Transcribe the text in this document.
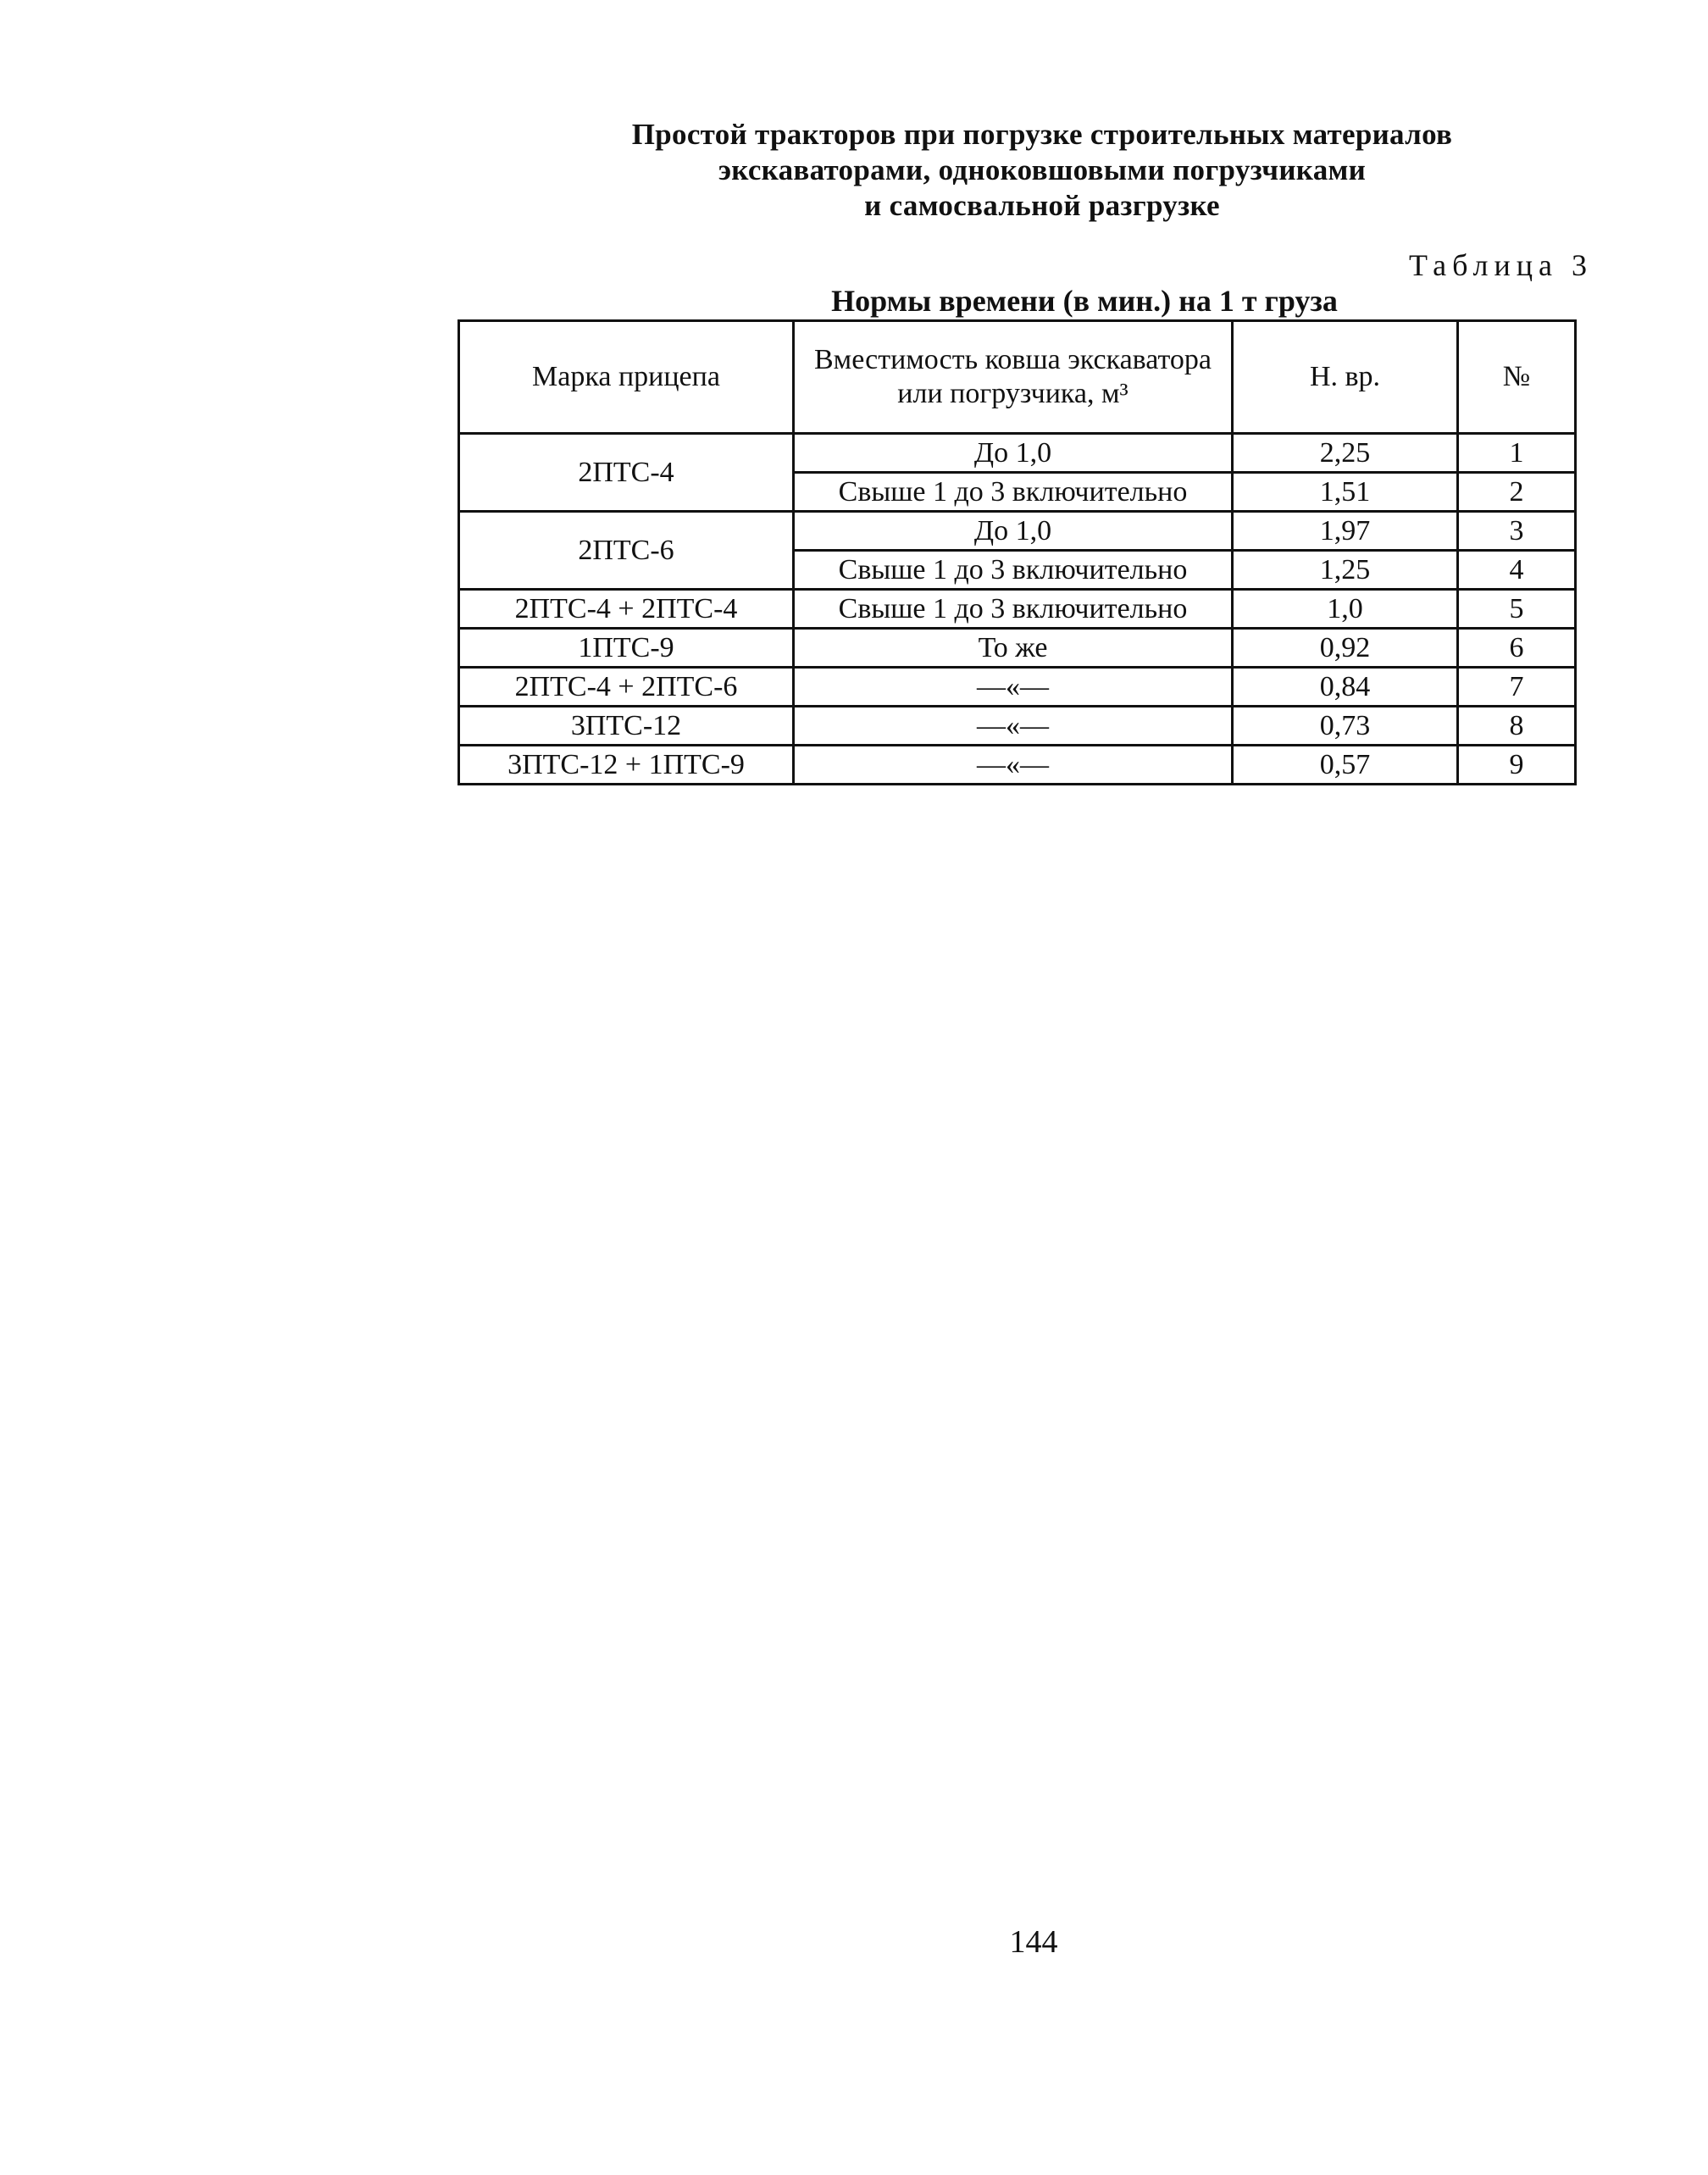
Простой тракторов при погрузке строительных материалов
экскаваторами, одноковшовыми погрузчиками
и самосвальной разгрузке
Таблица 3
Нормы времени (в мин.) на 1 т груза
Марка прицепа	Вместимость ковша экскаватора или погрузчика, м³	Н. вр.	№
2ПТС-4	До 1,0	2,25	1
	Свыше 1 до 3 включительно	1,51	2
2ПТС-6	До 1,0	1,97	3
	Свыше 1 до 3 включительно	1,25	4
2ПТС-4 + 2ПТС-4	Свыше 1 до 3 включительно	1,0	5
1ПТС-9	То же	0,92	6
2ПТС-4 + 2ПТС-6	—«—	0,84	7
3ПТС-12	—«—	0,73	8
3ПТС-12 + 1ПТС-9	—«—	0,57	9
144
